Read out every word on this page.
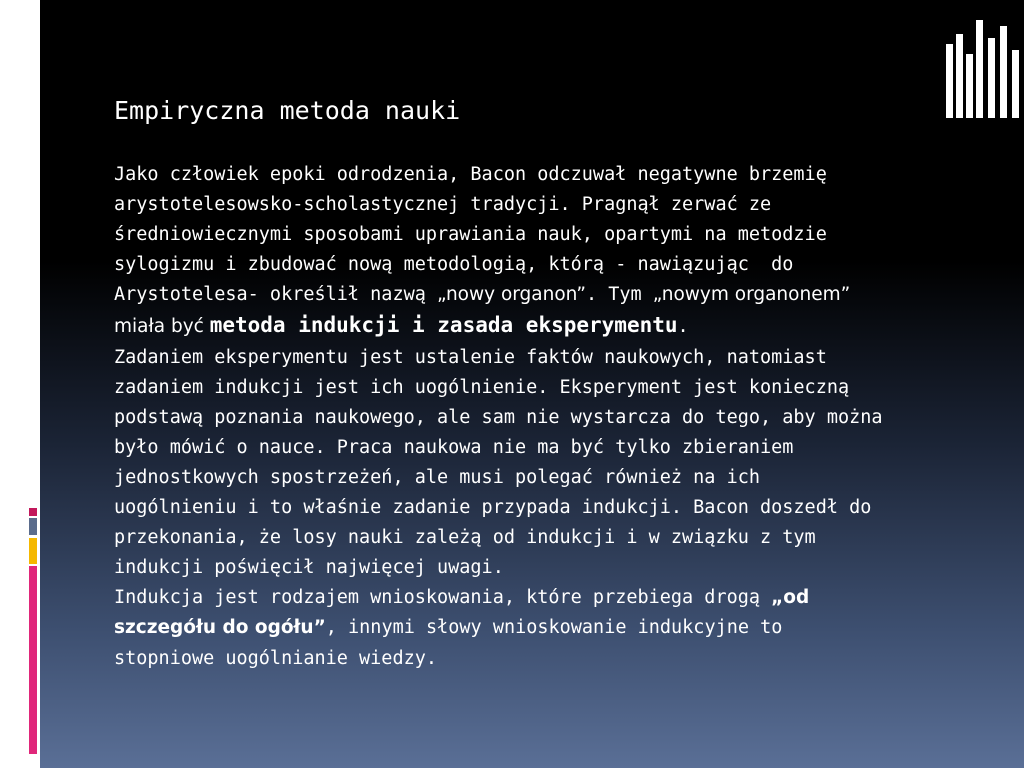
Empiryczna metoda nauki
Jako człowiek epoki odrodzenia, Bacon odczuwał negatywne brzemię
arystotelesowsko-scholastycznej tradycji. Pragnął zerwać ze
średniowiecznymi sposobami uprawiania nauk, opartymi na metodzie
sylogizmu i zbudować nową metodologią, którą - nawiązując  do
Arystotelesa- określił nazwą „nowy organon”. Tym „nowym organonem”
miała być metoda indukcji i zasada eksperymentu.
Zadaniem eksperymentu jest ustalenie faktów naukowych, natomiast
zadaniem indukcji jest ich uogólnienie. Eksperyment jest konieczną
podstawą poznania naukowego, ale sam nie wystarcza do tego, aby można
było mówić o nauce. Praca naukowa nie ma być tylko zbieraniem
jednostkowych spostrzeżeń, ale musi polegać również na ich
uogólnieniu i to właśnie zadanie przypada indukcji. Bacon doszedł do
przekonania, że losy nauki zależą od indukcji i w związku z tym
indukcji poświęcił najwięcej uwagi.
Indukcja jest rodzajem wnioskowania, które przebiega drogą „od
szczegółu do ogółu”, innymi słowy wnioskowanie indukcyjne to
stopniowe uogólnianie wiedzy.
